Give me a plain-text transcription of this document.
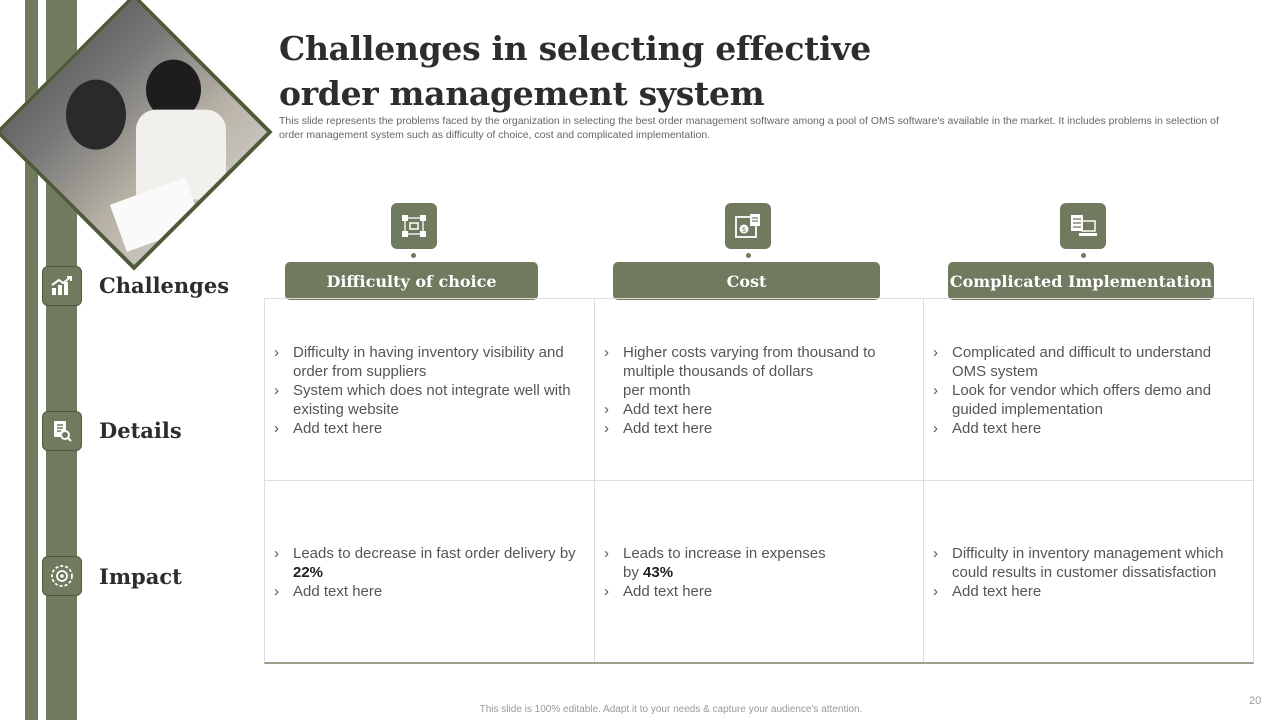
Challenges in selecting effective order management system
This slide represents the problems faced by the organization in selecting the best order management software among a pool of OMS software's available in the market. It includes problems in selection of order management system such as difficulty of choice, cost and complicated implementation.
Challenges
Details
Impact
$
Difficulty of choice	Cost	Complicated Implementation
› Difficulty in having inventory visibility and order from suppliers
› System which does not integrate well with existing website
› Add text here
› Higher costs varying from thousand to multiple thousands of dollars
per month
› Add text here
› Add text here
› Complicated and difficult to understand OMS system
› Look for vendor which offers demo and guided implementation
› Add text here
› Leads to decrease in fast order delivery by 22%
› Add text here
› Leads to increase in expenses
by 43%
› Add text here
› Difficulty in inventory management which could results in customer dissatisfaction
› Add text here
This slide is 100% editable. Adapt it to your needs & capture your audience's attention.
20
